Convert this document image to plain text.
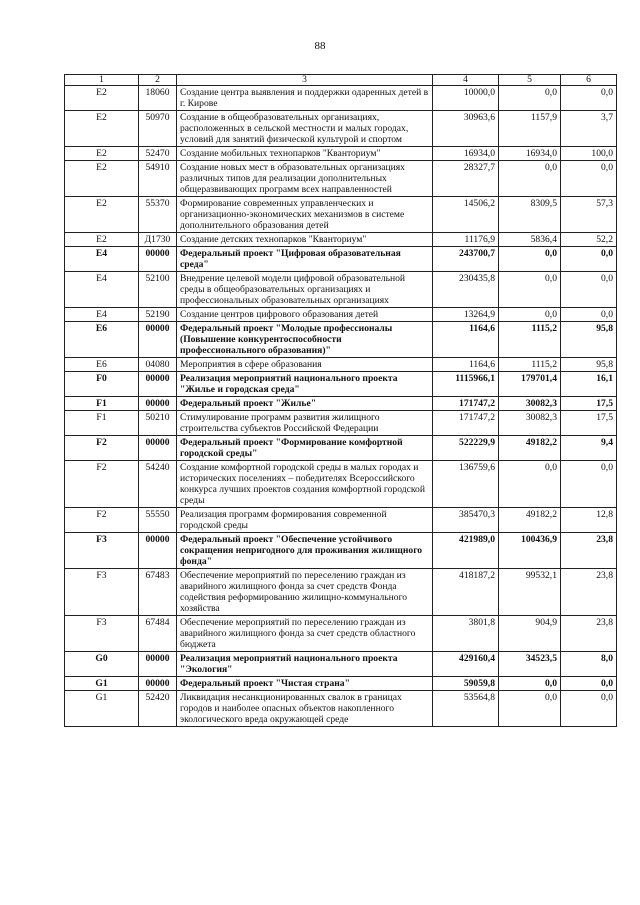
88
1	2	3	4	5	6
E2	18060	Создание центра выявления и поддержки одаренных детей в г. Кирове	10000,0	0,0	0,0
E2	50970	Создание в общеобразовательных организациях, расположенных в сельской местности и малых городах, условий для занятий физической культурой и спортом	30963,6	1157,9	3,7
E2	52470	Создание мобильных технопарков "Кванториум"	16934,0	16934,0	100,0
E2	54910	Создание новых мест в образовательных организациях различных типов для реализации дополнительных общеразвивающих программ всех направленностей	28327,7	0,0	0,0
E2	55370	Формирование современных управленческих и организационно-экономических механизмов в системе дополнительного образования детей	14506,2	8309,5	57,3
E2	Д1730	Создание детских технопарков "Кванториум"	11176,9	5836,4	52,2
E4	00000	Федеральный проект "Цифровая образовательная среда"	243700,7	0,0	0,0
E4	52100	Внедрение целевой модели цифровой образовательной среды в общеобразовательных организациях и профессиональных образовательных организациях	230435,8	0,0	0,0
E4	52190	Создание центров цифрового образования детей	13264,9	0,0	0,0
E6	00000	Федеральный проект "Молодые профессионалы (Повышение конкурентоспособности профессионального образования)"	1164,6	1115,2	95,8
E6	04080	Мероприятия в сфере образования	1164,6	1115,2	95,8
F0	00000	Реализация мероприятий национального проекта "Жилье и городская среда"	1115966,1	179701,4	16,1
F1	00000	Федеральный проект "Жилье"	171747,2	30082,3	17,5
F1	50210	Стимулирование программ развития жилищного строительства субъектов Российской Федерации	171747,2	30082,3	17,5
F2	00000	Федеральный проект "Формирование комфортной городской среды"	522229,9	49182,2	9,4
F2	54240	Создание комфортной городской среды в малых городах и исторических поселениях – победителях Всероссийского конкурса лучших проектов создания комфортной городской среды	136759,6	0,0	0,0
F2	55550	Реализация программ формирования современной городской среды	385470,3	49182,2	12,8
F3	00000	Федеральный проект "Обеспечение устойчивого сокращения непригодного для проживания жилищного фонда"	421989,0	100436,9	23,8
F3	67483	Обеспечение мероприятий по переселению граждан из аварийного жилищного фонда за счет средств Фонда содействия реформированию жилищно-коммунального хозяйства	418187,2	99532,1	23,8
F3	67484	Обеспечение мероприятий по переселению граждан из аварийного жилищного фонда за счет средств областного бюджета	3801,8	904,9	23,8
G0	00000	Реализация мероприятий национального проекта "Экология"	429160,4	34523,5	8,0
G1	00000	Федеральный проект "Чистая страна"	59059,8	0,0	0,0
G1	52420	Ликвидация несанкционированных свалок в границах городов и наиболее опасных объектов накопленного экологического вреда окружающей среде	53564,8	0,0	0,0
